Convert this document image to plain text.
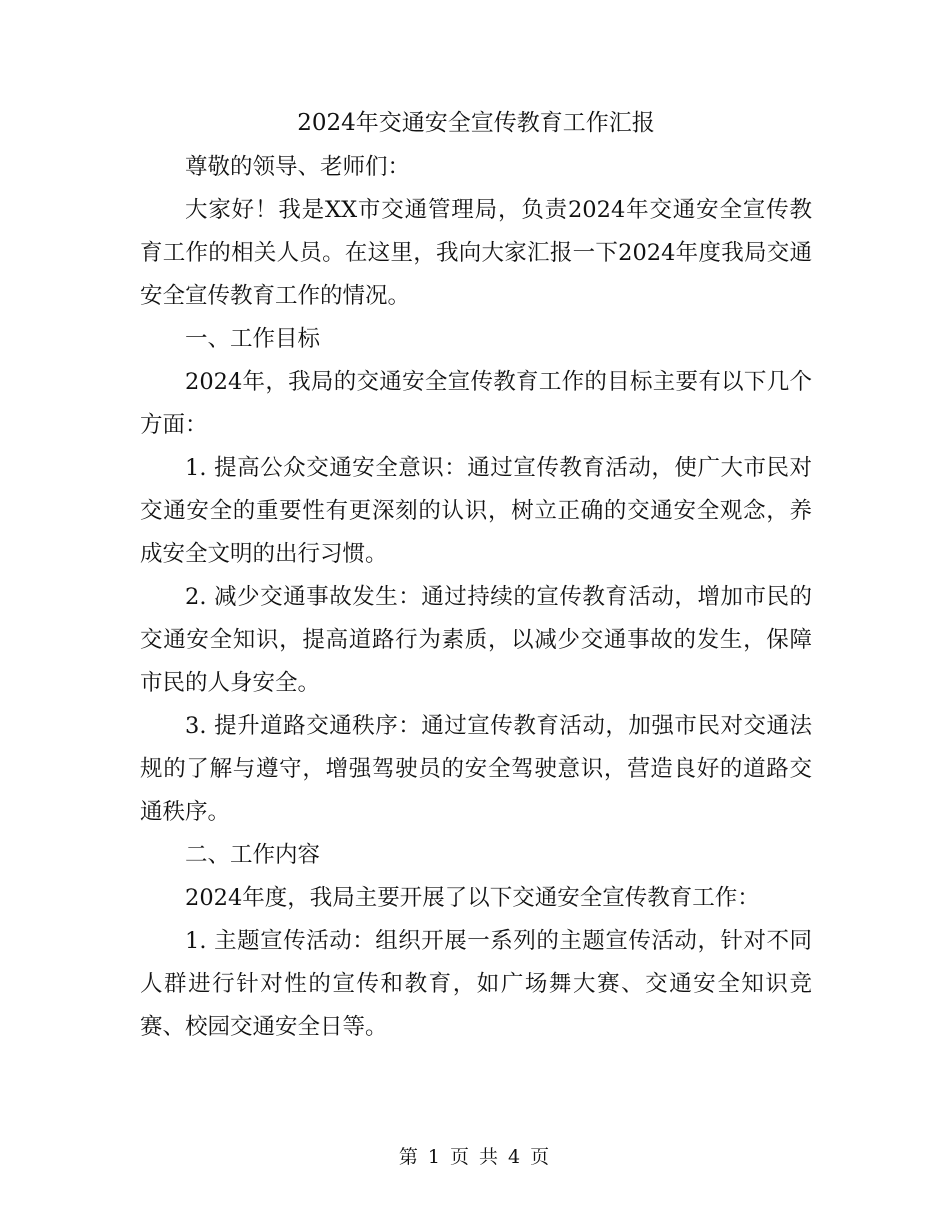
2024年交通安全宣传教育工作汇报

尊敬的领导、老师们：

大家好！我是XX市交通管理局，负责2024年交通安全宣传教育工作的相关人员。在这里，我向大家汇报一下2024年度我局交通安全宣传教育工作的情况。

一、工作目标

2024年，我局的交通安全宣传教育工作的目标主要有以下几个方面：

1. 提高公众交通安全意识：通过宣传教育活动，使广大市民对交通安全的重要性有更深刻的认识，树立正确的交通安全观念，养成安全文明的出行习惯。

2. 减少交通事故发生：通过持续的宣传教育活动，增加市民的交通安全知识，提高道路行为素质，以减少交通事故的发生，保障市民的人身安全。

3. 提升道路交通秩序：通过宣传教育活动，加强市民对交通法规的了解与遵守，增强驾驶员的安全驾驶意识，营造良好的道路交通秩序。

二、工作内容

2024年度，我局主要开展了以下交通安全宣传教育工作：

1. 主题宣传活动：组织开展一系列的主题宣传活动，针对不同人群进行针对性的宣传和教育，如广场舞大赛、交通安全知识竞赛、校园交通安全日等。

第 1 页 共 4 页
